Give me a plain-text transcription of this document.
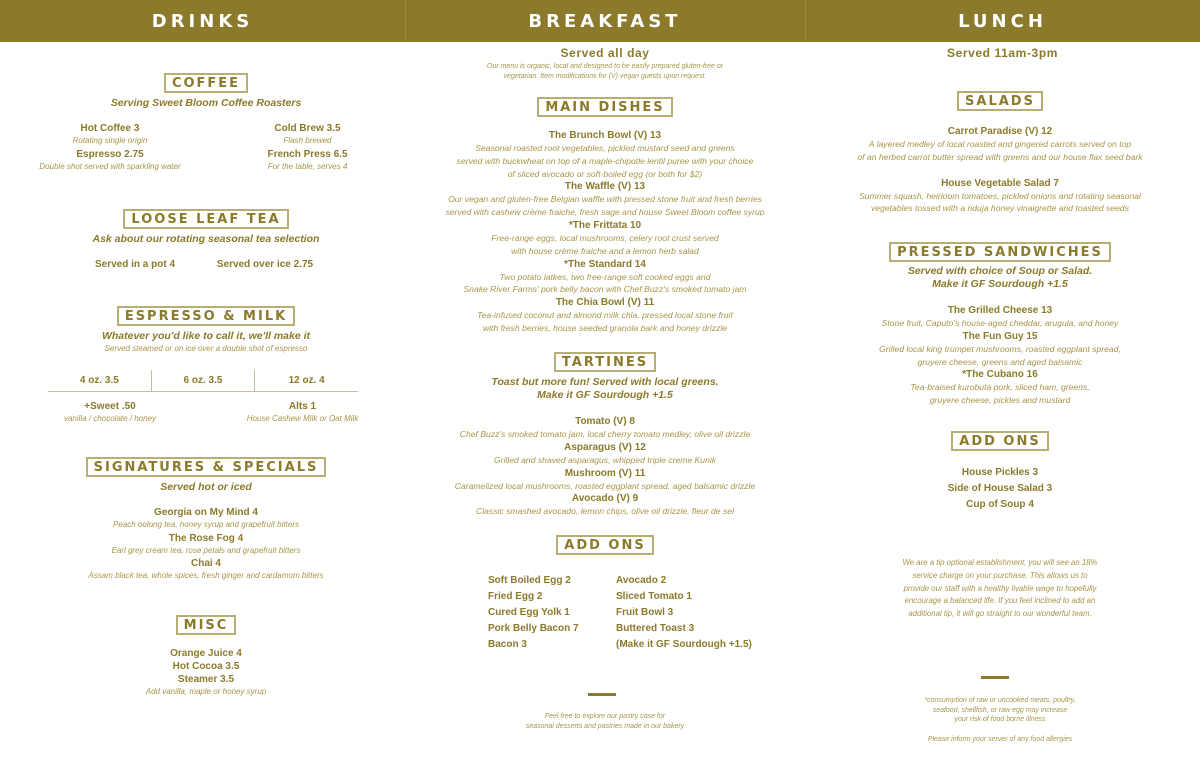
DRINKS	BREAKFAST	LUNCH
COFFEE
Serving Sweet Bloom Coffee Roasters
Hot Coffee 3
Rotating single origin
Espresso 2.75
Double shot served with sparkling water
Cold Brew 3.5
Flash brewed
French Press 6.5
For the table, serves 4
LOOSE LEAF TEA
Ask about our rotating seasonal tea selection
Served in a pot 4	Served over ice 2.75
ESPRESSO & MILK
Whatever you'd like to call it, we'll make it
Served steamed or on ice over a double shot of espresso
4 oz. 3.5	6 oz. 3.5	12 oz. 4
+Sweet .50
vanilla / chocolate / honey
Alts 1
House Cashew Milk or Oat Milk
SIGNATURES & SPECIALS
Served hot or iced
Georgia on My Mind 4
Peach oolong tea, honey syrup and grapefruit bitters
The Rose Fog 4
Earl grey cream tea, rose petals and grapefruit bitters
Chai 4
Assam black tea, whole spices, fresh ginger and cardamom bitters
MISC
Orange Juice 4
Hot Cocoa 3.5
Steamer 3.5
Add vanilla, maple or honey syrup
Served all day
Our menu is organic, local and designed to be easily prepared gluten-free or
vegetarian. Item modifications for (V) vegan guests upon request.
MAIN DISHES
The Brunch Bowl (V) 13
Seasonal roasted root vegetables, pickled mustard seed and greens
served with buckwheat on top of a maple-chipotle lentil puree with your choice
of sliced avocado or soft-boiled egg (or both for $2)
The Waffle (V) 13
Our vegan and gluten-free Belgian waffle with pressed stone fruit and fresh berries
served with cashew crème fraiche, fresh sage and house Sweet Bloom coffee syrup
*The Frittata 10
Free-range eggs, local mushrooms, celery root crust served
with house crème fraiche and a lemon herb salad
*The Standard 14
Two potato latkes, two free-range soft cooked eggs and
Snake River Farms' pork belly bacon with Chef Buzz's smoked tomato jam
The Chia Bowl (V) 11
Tea-infused coconut and almond milk chia, pressed local stone fruit
with fresh berries, house seeded granola bark and honey drizzle
TARTINES
Toast but more fun! Served with local greens.
Make it GF Sourdough +1.5
Tomato (V) 8
Chef Buzz's smoked tomato jam, local cherry tomato medley, olive oil drizzle
Asparagus (V) 12
Grilled and shaved asparagus, whipped triple creme Kunik
Mushroom (V) 11
Caramelized local mushrooms, roasted eggplant spread, aged balsamic drizzle
Avocado (V) 9
Classic smashed avocado, lemon chips, olive oil drizzle, fleur de sel
ADD ONS
Soft Boiled Egg 2
Fried Egg 2
Cured Egg Yolk 1
Pork Belly Bacon 7
Bacon 3
Avocado 2
Sliced Tomato 1
Fruit Bowl 3
Buttered Toast 3
(Make it GF Sourdough +1.5)
Feel free to explore our pastry case for
seasonal desserts and pastries made in our bakery
Served 11am-3pm
SALADS
Carrot Paradise (V) 12
A layered medley of local roasted and gingered carrots served on top
of an herbed carrot butter spread with greens and our house flax seed bark
House Vegetable Salad 7
Summer squash, heirloom tomatoes, pickled onions and rotating seasonal
vegetables tossed with a nduja honey vinaigrette and toasted seeds
PRESSED SANDWICHES
Served with choice of Soup or Salad.
Make it GF Sourdough +1.5
The Grilled Cheese 13
Stone fruit, Caputo's house-aged cheddar, arugula, and honey
The Fun Guy 15
Grilled local king trumpet mushrooms, roasted eggplant spread,
gruyere cheese, greens and aged balsamic
*The Cubano 16
Tea-braised kurobuta pork, sliced ham, greens,
gruyere cheese, pickles and mustard
ADD ONS
House Pickles 3
Side of House Salad 3
Cup of Soup 4
We are a tip optional establishment, you will see an 18%
service charge on your purchase. This allows us to
provide our staff with a healthy livable wage to hopefully
encourage a balanced life. If you feel inclined to add an
additional tip, it will go straight to our wonderful team.
*consumption of raw or uncooked meats, poultry,
seafood, shellfish, or raw egg may increase
your risk of food borne illness
Please inform your server of any food allergies
